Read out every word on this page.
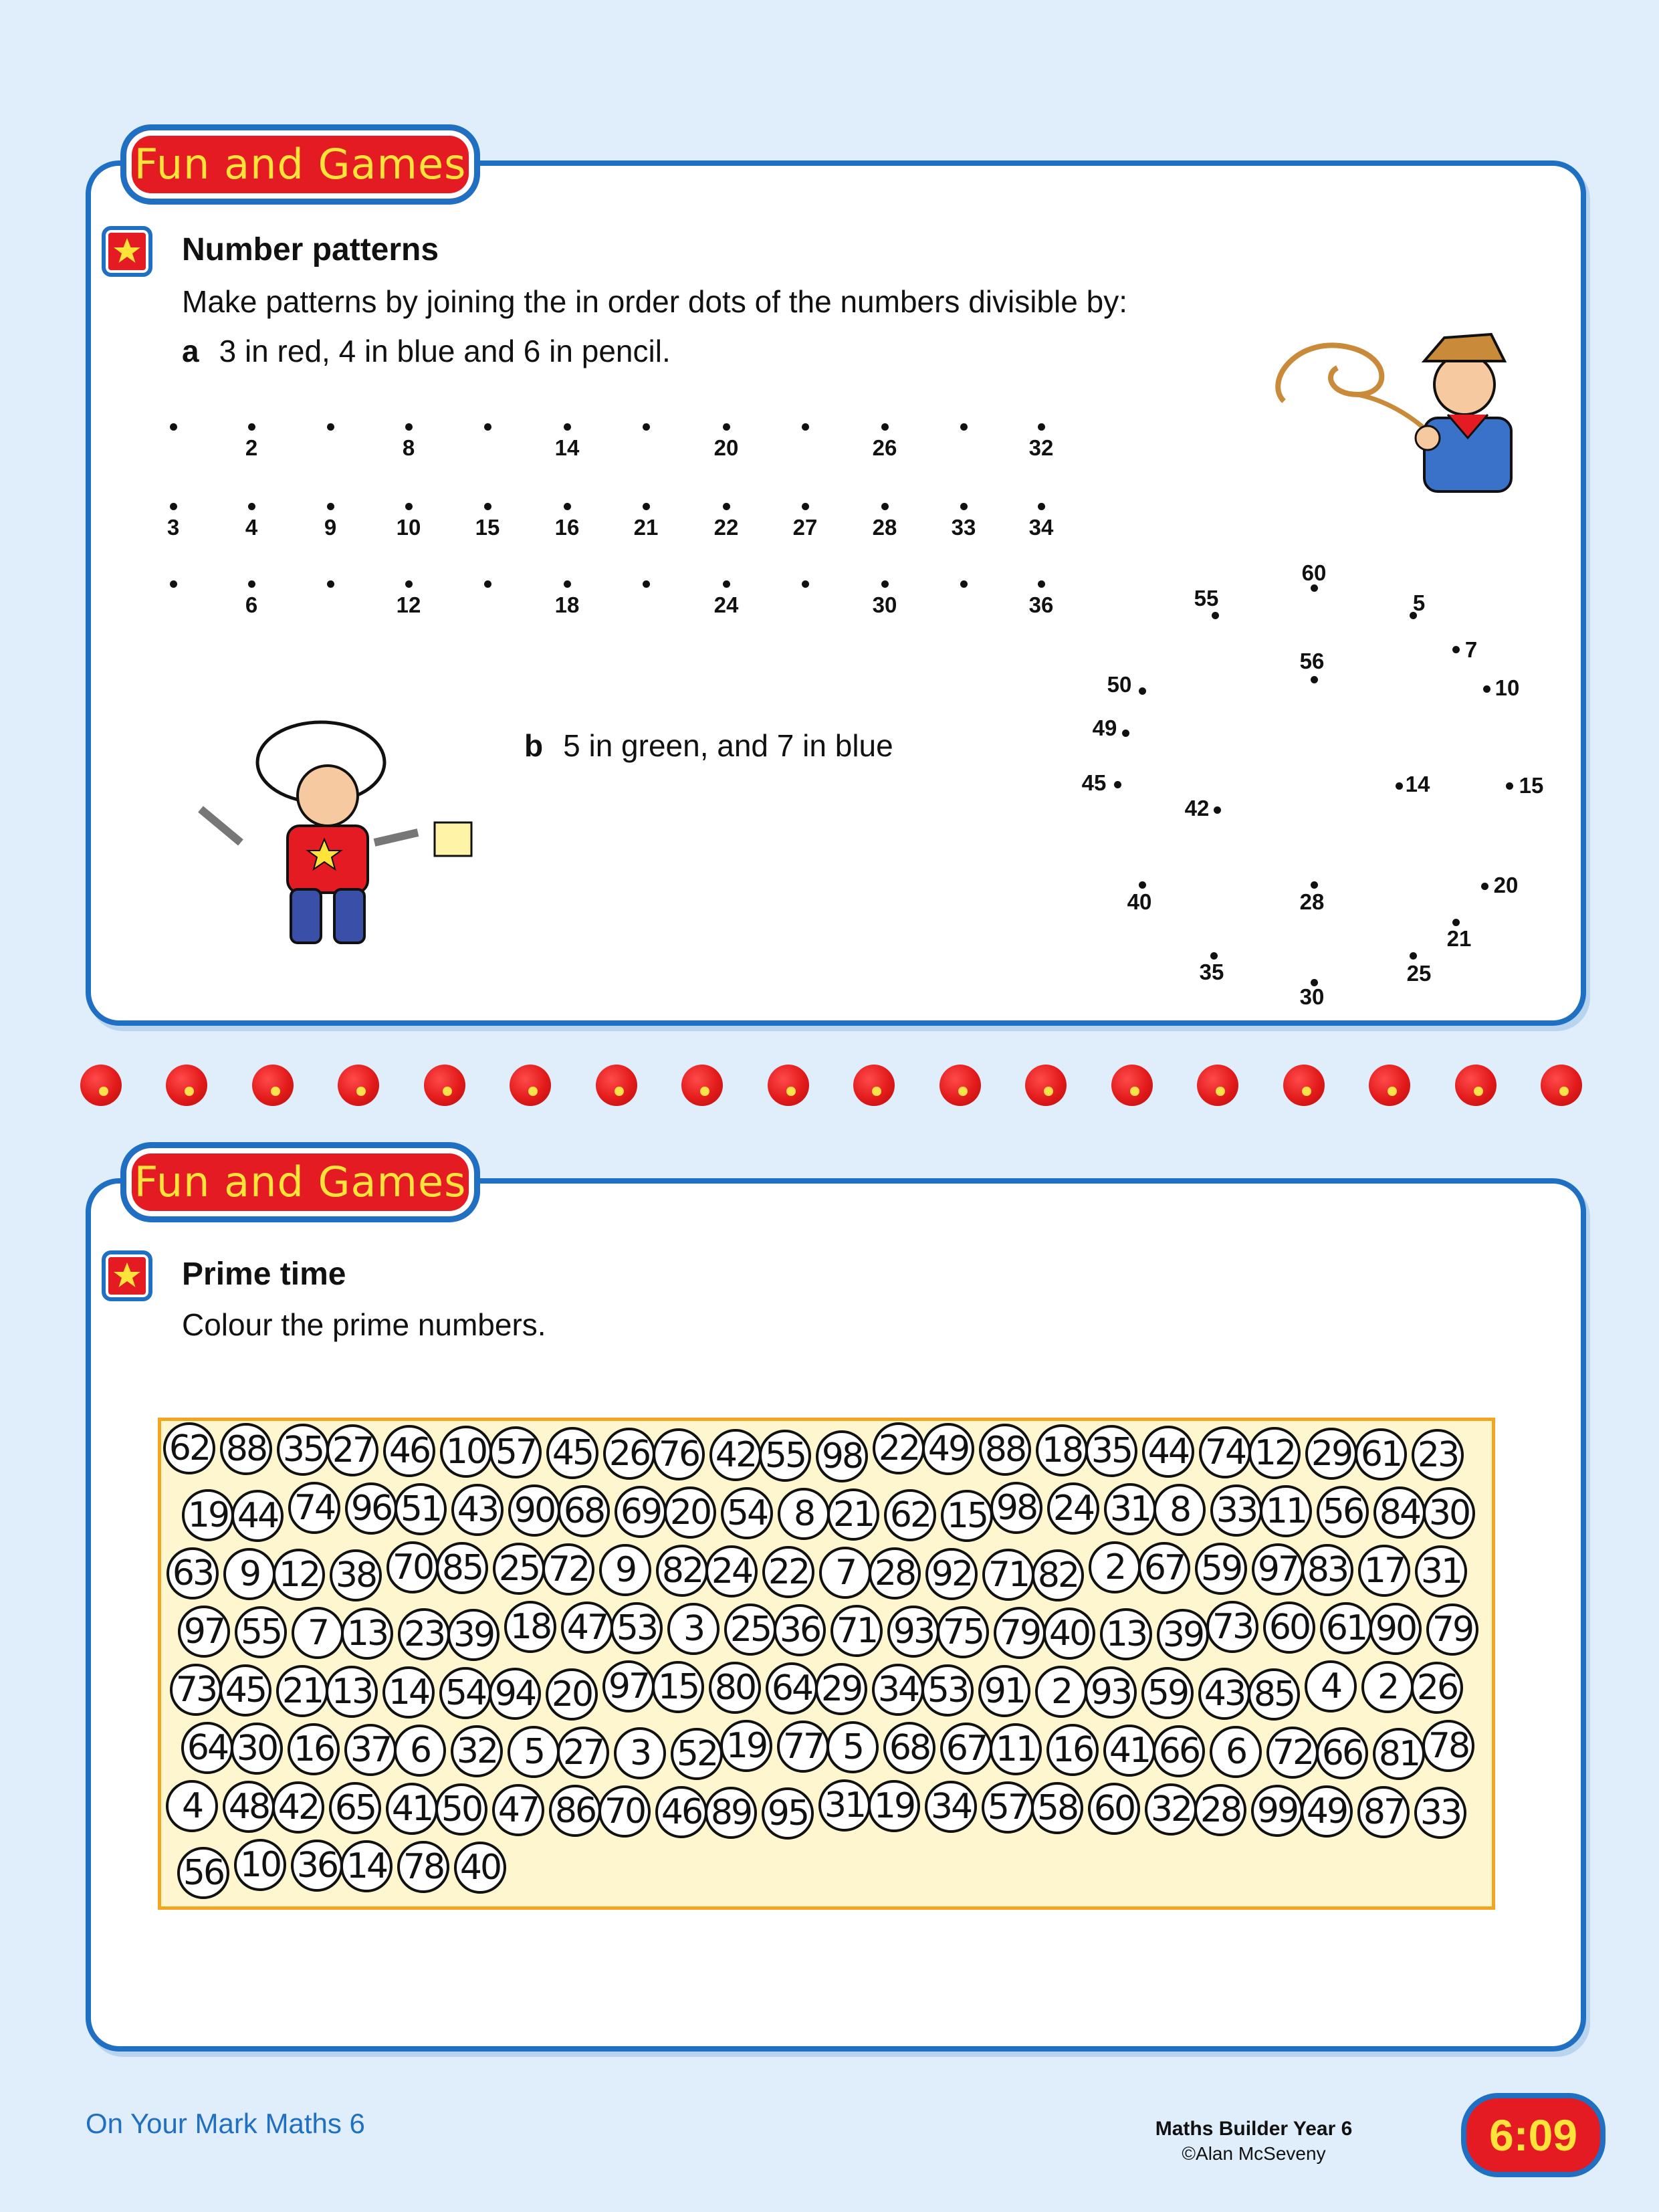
Fun and Games
Number patterns
Make patterns by joining the in order dots of the numbers divisible by:
a 3 in red, 4 in blue and 6 in pencil.
2	8	14	20	26	32
3	4	9	10	15	16	21	22	27	28	33	34
6	12	18	24	30	36
b 5 in green, and 7 in blue
60
55	5
56	7
50	10
49
45
42
14	15
20
40	28
21
35	25
30
Fun and Games
Prime time
Colour the prime numbers.
62 88 35 27 46 10 57 45 26 76 42 55 98 22 49 88 18 35 44 74 12 29 61 23
19 44 74 96 51 43 90 68 69 20 54 8 21 62 15 98 24 31 8 33 11 56 84 30
63 9 12 38 70 85 25 72 9 82 24 22 7 28 92 71 82 2 67 59 97 83 17 31
97 55 7 13 23 39 18 47 53 3 25 36 71 93 75 79 40 13 39 73 60 61 90 79
73 45 21 13 14 54 94 20 97 15 80 64 29 34 53 91 2 93 59 43 85 4	2 26
64 30 16 37 6 32 5 27 3 52 19 77 5 68 67 11 16 41 66 6 72 66 81 78
4 48 42 65 41 50 47 86 70 46 89 95 31 19 34 57 58 60 32 28 99 49 87 33
56 10 36 14 78 40
On Your Mark Maths 6	Maths Builder Year 6
©Alan McSeveny	6:09
